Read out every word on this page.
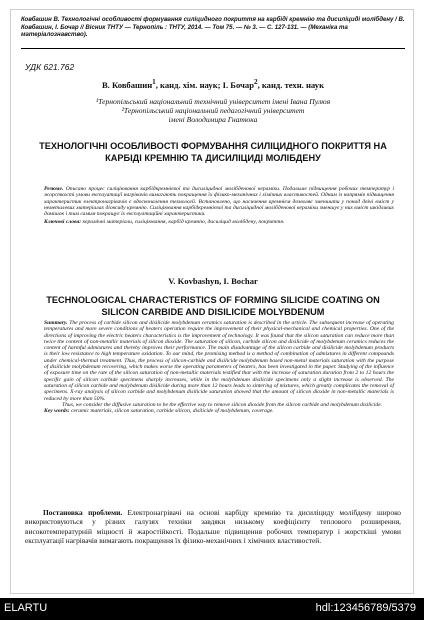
Ковбашин В. Технологічні особливості формування силіцидного покриття на карбіді кремнію та дисиліциді молібдену / В. Ковбашин, І. Бочар // Вісник ТНТУ — Тернопіль : ТНТУ, 2014. — Том 75. — № 3. — С. 127-131. — (Механіка та матеріалознавство).
УДК 621.762
В. Ковбашин$^1$, канд. хім. наук; І. Бочар$^2$, канд. техн. наук
¹Тернопільський національний технічний університет імені Івана Пулюя
²Тернопільський національний педагогічний університет
імені Володимира Гнатюка
ТЕХНОЛОГІЧНІ ОСОБЛИВОСТІ ФОРМУВАННЯ СИЛІЦИДНОГО ПОКРИТТЯ НА КАРБІДІ КРЕМНІЮ ТА ДИСИЛІЦИДІ МОЛІБДЕНУ
Резюме. Описано процес силіціювання карбідкремнієвої та дисиліцидної молібденової кераміки. Подальше підвищення робочих температур і жорсткості умови експлуатації нагрівачів вимагають покращення їх фізико-механічних і хімічних властивостей. Одним із напрямів підвищення характеристик електронагрівачів є вдосконалення технології. Встановлено, що насичення кремнієм дозволяє зменшити у понад двічі вміст у неметалевих матеріалах діоксиду кремнію. Силіціювання карбідкремнієвої та дисиліцидної молібденової кераміки зменшує у них вміст шкідливих домішок і тим самим покращує їх експлуатаційні характеристики.
Ключові слова: керамічні матеріали, силіціювання, карбід кремнію, дисиліцид молібдену, покриття.
V. Kovbashyn, I. Bochar
TECHNOLOGICAL CHARACTERISTICS OF FORMING SILICIDE COATING ON SILICON CARBIDE AND DISILICIDE MOLYBDENUM
Summary. The process of carbide silicon and disilicide molybdenum ceramics saturation is described in the article. The subsequent increase of operating temperatures and more severe conditions of heaters operation require the improvement of their physical-mechanical and chemical properties. One of the directions of improving the electric heaters characteristics is the improvement of technology. It was found that the silicon saturation can reduce more than twice the content of non-metallic materials of silicon dioxide. The saturation of silicon, carbide silicon and disilicide of molybdenum ceramics reduces the content of harmful admixtures and thereby improves their performance. The main disadvantage of the silicon carbide and disilicide molybdenum products is their low resistance to high temperature oxidation. To our mind, the promising method is a method of combination of admixtures in different compounds under chemical-thermal treatment. Thus, the process of silicon-carbide and disilicide molybdenum based non-metal materials saturation with the purpose of disilicide molybdenum recovering, which makes worse the operating parameters of heaters, has been investigated in the paper. Studying of the influence of exposure time on the rate of the silicon saturation of non-metallic materials testified that with the increase of saturation duration from 2 to 12 hours the specific gain of silicon carbide specimens sharply increases, while in the molybdenum disilicide specimens only a slight increase is observed. The saturation of silicon carbide and molybdenum disilicide during more than 12 hours leads to sintering of mixtures, which greatly complicates the removal of specimens. X-ray analysis of silicon carbide and molybdenum disilicide saturation showed that the amount of silicon dioxide in non-metallic materials is reduced by more than 50%.
Thus, we consider the diffusive saturation to be the effective way to remove silicon dioxide from the silicon carbide and molybdenum disilicide.
Key words: ceramic materials, silicon saturation, carbide silicon, disilicide of molybdenum, coverage.
Постановка проблеми. Електронагрівачі на основі карбіду кремнію та дисиліциду молібдену широко використовуються у різних галузях техніки завдяки низькому коефіцієнту теплового розширення, високотемпературній міцності й жаростійкості. Подальше підвищення робочих температур і жорсткіші умови експлуатації нагрівачів вимагають покращення їх фізико-механічних і хімічних властивостей.
ELARTU	hdl:123456789/5379
